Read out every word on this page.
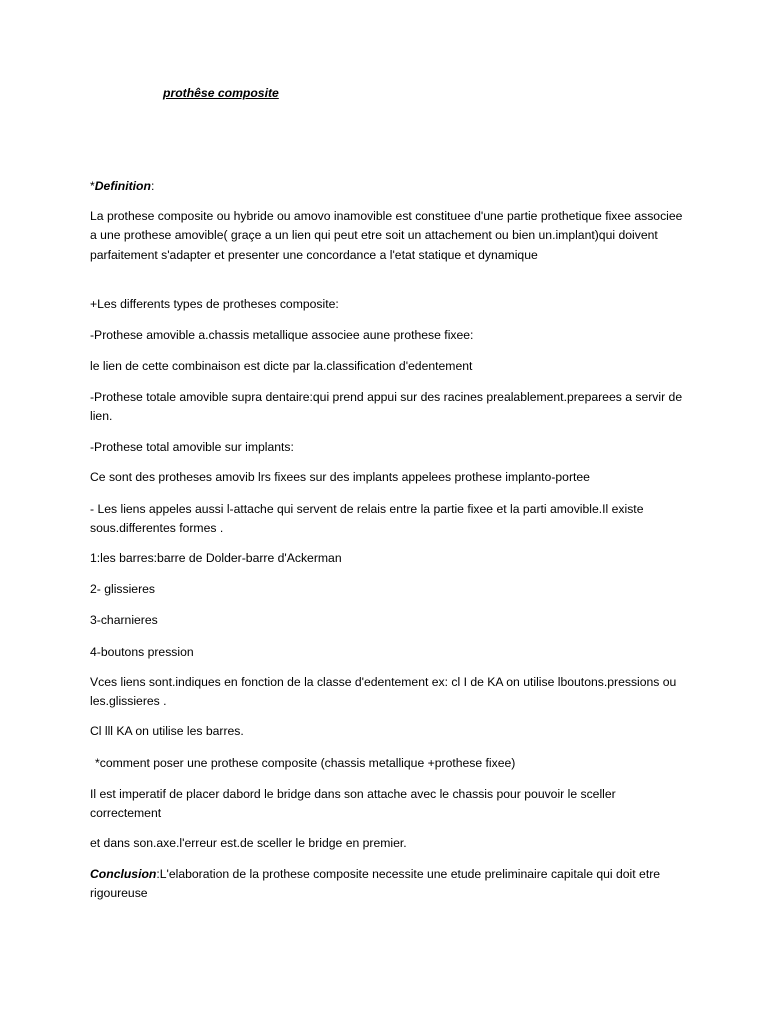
prothêse composite

*Definition:

La prothese composite ou hybride ou amovo inamovible est constituee d'une partie prothetique fixee associee a une prothese amovible( graçe a un lien qui peut etre soit un attachement ou bien un.implant)qui doivent parfaitement s'adapter et presenter une concordance a l'etat statique et dynamique

+Les differents types de protheses composite:

-Prothese amovible a.chassis metallique associee aune prothese fixee:

le lien de cette combinaison est dicte par la.classification d'edentement

-Prothese totale amovible supra dentaire:qui prend appui sur des racines prealablement.preparees a servir de lien.

-Prothese total amovible sur implants:

Ce sont des protheses amovib lrs fixees sur des implants appelees prothese implanto-portee

- Les liens appeles aussi l-attache qui servent de relais entre la partie fixee et la parti amovible.Il existe sous.differentes formes .

1:les barres:barre de Dolder-barre d'Ackerman

2- glissieres

3-charnieres

4-boutons pression

Vces liens sont.indiques en fonction de la classe d'edentement ex: cl I de KA on utilise lboutons.pressions ou les.glissieres .

Cl lll KA on utilise les barres.

*comment poser une prothese composite (chassis metallique +prothese fixee)

Il est imperatif de placer dabord le bridge dans son attache avec le chassis pour pouvoir le sceller correctement

et dans son.axe.l'erreur est.de sceller le bridge en premier.

Conclusion:L'elaboration de la prothese composite necessite une etude preliminaire capitale qui doit etre rigoureuse
